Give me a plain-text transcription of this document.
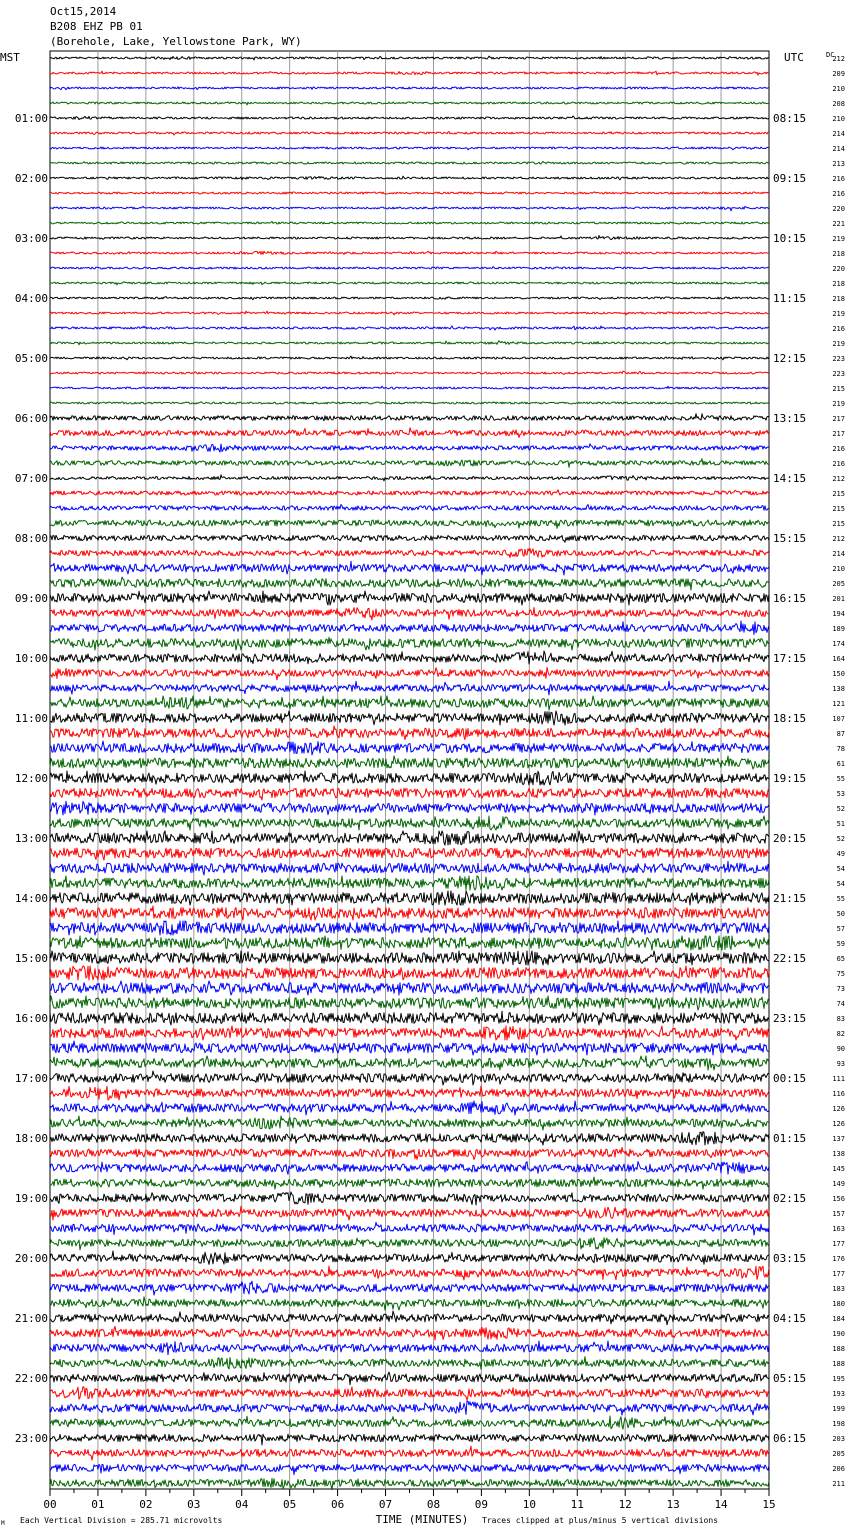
Oct15,2014
B208 EHZ PB 01
(Borehole, Lake, Yellowstone Park, WY)
MST	UTC	DC
01:00
02:00
03:00
04:00
05:00
06:00
07:00
08:00
09:00
10:00
11:00
12:00
13:00
14:00
15:00
16:00
17:00
18:00
19:00
20:00
21:00
22:00
23:00
08:15
09:15
10:15
11:15
12:15
13:15
14:15
15:15
16:15
17:15
18:15
19:15
20:15
21:15
22:15
23:15
00:15
01:15
02:15
03:15
04:15
05:15
06:15
212
209
210
208
210
214
214
213
216
216
220
221
219
218
220
218
218
219
216
219
223
223
215
219
217
217
216
216
212
215
215
215
212
214
210
205
201
194
189
174
164
150
138
121
107
87
78
61
55
53
52
51
52
49
54
54
55
50
57
59
65
75
73
74
83
82
90
93
111
116
126
126
137
138
145
149
156
157
163
177
176
177
183
180
184
190
188
188
195
193
199
198
203
205
206
211
00	01	02	03	04	05	06	07	08	09	10	11	12	13	14	15
TIME (MINUTES)
Each Vertical Division = 285.71 microvolts	Traces clipped at plus/minus 5 vertical divisions
M
